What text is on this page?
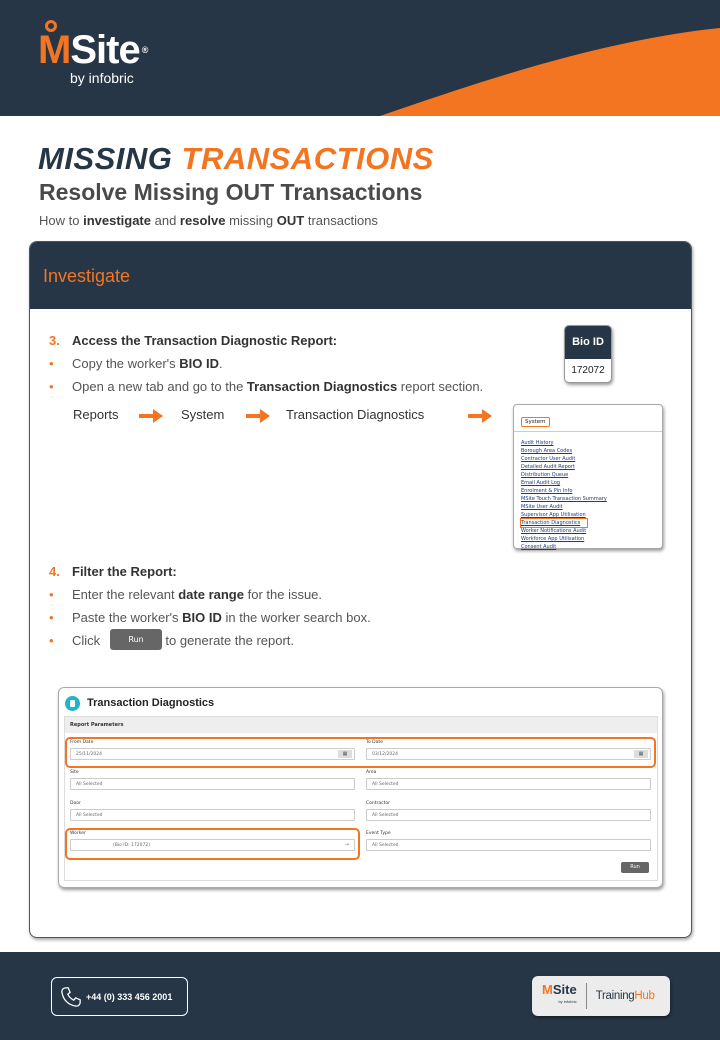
M Site ®
by infobric
MISSING TRANSACTIONS
Resolve Missing OUT Transactions
How to investigate and resolve missing OUT transactions
Investigate
3. Access the Transaction Diagnostic Report:
• Copy the worker's BIO ID.
• Open a new tab and go to the Transaction Diagnostics report section.
Bio ID
172072
Reports	System	Transaction Diagnostics	System
Audit History
Borough Area Codes
Contractor User Audit
Detailed Audit Report
Distribution Queue
Email Audit Log
Enrolment & Pin Info
MSite Touch Transaction Summary
MSite User Audit
Supervisor App Utilisation
Transaction Diagnostics
Worker Notifications Audit
Workforce App Utilisation
Consent Audit
4. Filter the Report:
• Enter the relevant date range for the issue.
• Paste the worker's BIO ID in the worker search box.
• Click	to generate the report.
Run
Transaction Diagnostics
Report Parameters
From Date
25/11/2024	▦
To Date
03/12/2024	▦
Site
All Selected
Area
All Selected
Door
All Selected
Contractor
All Selected
Worker
(Bio ID: 172072)	→
Event Type
All Selected
Run
+44 (0) 333 456 2001	MSite
by infobric TrainingHub
